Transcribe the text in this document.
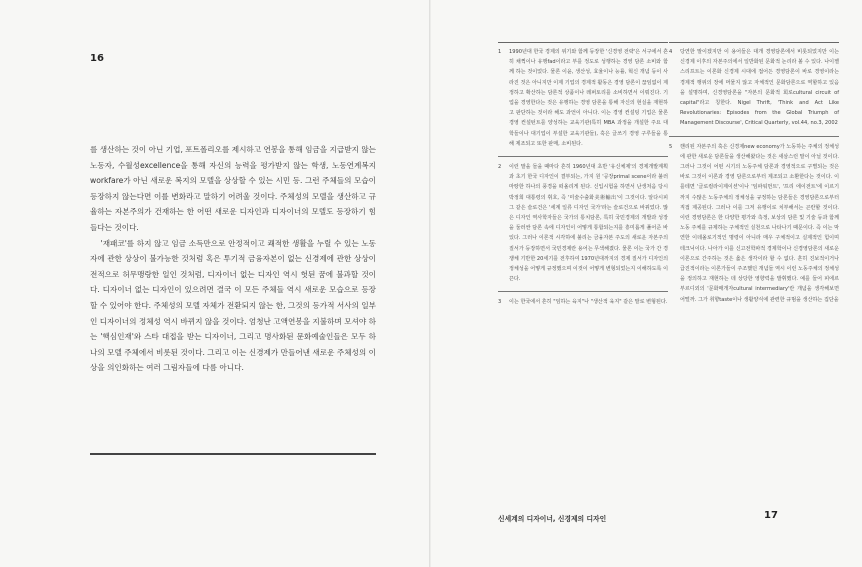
16

를 생산하는 것이 아닌 기업, 포트폴리오를 제시하고 연봉을 통해 임금을 지급받지 않는 노동자, 수월성excellence을 통해 자신의 능력을 평가받지 않는 학생, 노동연계복지workfare가 아닌 새로운 복지의 모델을 상상할 수 있는 시민 등. 그런 주체들의 모습이 등장하지 않는다면 이를 변화라고 말하기 어려울 것이다. 주체성의 모델을 생산하고 규율하는 자본주의가 건재하는 한 어떤 새로운 디자인과 디자이너의 모델도 등장하기 힘들다는 것이다.

'재패코'를 하지 않고 임금 소득만으로 안정적이고 쾌적한 생활을 누릴 수 있는 노동자에 관한 상상이 불가능한 것처럼 혹은 투기적 금융자본이 없는 신경제에 관한 상상이 전적으로 허무맹랑한 일인 것처럼, 디자이너 없는 디자인 역시 헛된 꿈에 불과할 것이다. 디자이너 없는 디자인이 있으려면 결국 이 모든 주체들 역시 새로운 모습으로 등장할 수 있어야 한다. 주체성의 모델 자체가 전환되지 않는 한, 그것의 등가적 서사의 일부인 디자이너의 정체성 역시 바뀌지 않을 것이다. 엄청난 고액연봉을 지불하며 모셔야 하는 '핵심인재'와 스타 대접을 받는 디자이너, 그리고 명사화된 문화예술인들은 모두 하나의 모델 주체에서 비롯된 것이다. 그리고 이는 신경제가 만들어낸 새로운 주체성의 이상을 의인화하는 여러 그림자들에 다름 아니다.

1	1990년대 한국 경제의 위기와 함께 등장한 '신경영 전략'은 서구에서 흔히 채찍이나 유행fad이라고 부를 정도로 성행하는 경영 담론 소비와 함께 하는 것이었다. 물론 이윤, 생산성, 효율이나 능률, 혁신 개념 등이 사라진 것은 아니지만 이제 기업의 경제적 활동은 경영 담론이 끊임없이 제정하고 확산하는 담론적 상품이나 레퍼토리를 소비하면서 이뤄진다. 기업을 경영한다는 것은 유행하는 경영 담론을 통해 자신의 현실을 재현하고 판단하는 것이라 해도 과언이 아니다. 이는 경영 컨설팅 기업은 물론 경영 컨설턴트를 양성하는 교육기관(특히 MBA 과정을 개설한 주요 대학들이나 대기업이 부설한 교육기관들), 혹은 글쓰기 경영 구루들을 통해 제조되고 또한 판매, 소비된다.
2	이런 말을 들을 때마다 흔히 1960년대 초반 '유신체제'의 경제개발계획과 초기 한국 디자인이 결부되는, 가지 원 '공장primal scene이라 불러 마땅한 하나의 풍경을 떠올리게 된다. 신입시험을 하면서 난생처음 당시 박정희 대통령의 휘호, 즉 '미술수출화美術輸出'이 그것이다. 알다시피 그 같은 슬로건은 '세계 일류 디자인 국가'라는 슬로건으로 바뀌었다. 많은 디자인 역사학자들은 국가의 통치담론, 특히 국민경제의 개발과 성장을 둘러싼 담론 속에 디자인이 어떻게 통합되는지를 흥미롭게 풀어준 바 있다. 그러나 이론적 시각하에 불리는 금융자본 주도의 새로운 자본주의 질서가 등장하면서 국민경제란 용어는 무색해졌다. 물론 이는 국가 간 경쟁체 기반한 20세기를 전후하여 1970년대까지의 경제 질서가 디자인의 정체성을 어떻게 규정했으며 이것이 어떻게 변형되었는지 이해하도록 이끈다.
3	이는 한국에서 흔히 "임하는 육지"나 "생산적 육지" 같은 말로 변형된다.
4	당연한 말이겠지만 이 용어들은 대개 경영담론에서 비롯되었지만 이는 신경제 이후의 자본주의에서 일반화된 문화적 논리라 볼 수 있다. 나이젤 스리프트는 이론화 신경제 시대에 접어든 경영담론이 바로 경영이라는 경제적 행위의 장에 머물지 않고 자체적인 문화담론으로 역할하고 있음을 설명하며, 신경영담론을 "자본의 문화적 회로cultural circuit of capital"라고 칭한다. Nigel Thrift, 'Think and Act Like Revolutionaries: Episodes from the Global Triumph of Management Discourse', Critical Quarterly, vol.44, no.3, 2002
5	핸리된 자본주의 혹은 신경제new economy가 노동하는 주체의 정체성에 관한 새로운 담론들을 생산해왔다는 것은 새삼스런 말이 아닐 것이다. 그러나 그것이 어떤 시기의 노동주체 담론과 경영적으로 구별되는 것은 바로 그것이 이론과 경영 담론으로부터 제조되고 소환한다는 것이다. 이를테면 '글로컬라이제이션'이나 '임파워먼트', '프리 에이전트'에 이르기까지 수많은 노동주체의 정체성을 규정하는 담론들은 경영담론으로부터 직접 제공된다. 그러나 이를 그저 유행이로 치부해서는 곤란할 것이다. 이런 경영담론은 한 다양한 평가와 측정, 보상의 담론 및 기술 등과 함께 노동 주체를 규제하는 구체적인 실천으로 나타나기 때문이다. 즉 이는 막연한 이데올로기적인 명령이 아니라 매우 구체적이고 실제적인 힘이며 테크닉이다. 나아가 이를 신고전학파적 경제학이나 신경영담론의 새로운 이론으로 간주하는 것은 옳은 생각이라 할 수 없다. 흔히 진보적이거나 급진적이라는 이론가들이 주조했던 개념들 역시 이런 노동주체의 정체성을 정의하고 재현하는 데 상당한 영향력을 발휘했다. 예를 들어 피에르 부르디외의 '문화매개자cultural intermediary'란 개념을 생각해보면 어떨까. 그가 취향taste이나 생활양식에 관련한 규범을 생산하는 집단을
신세계의 디자이너, 신경제의 디자인	17
